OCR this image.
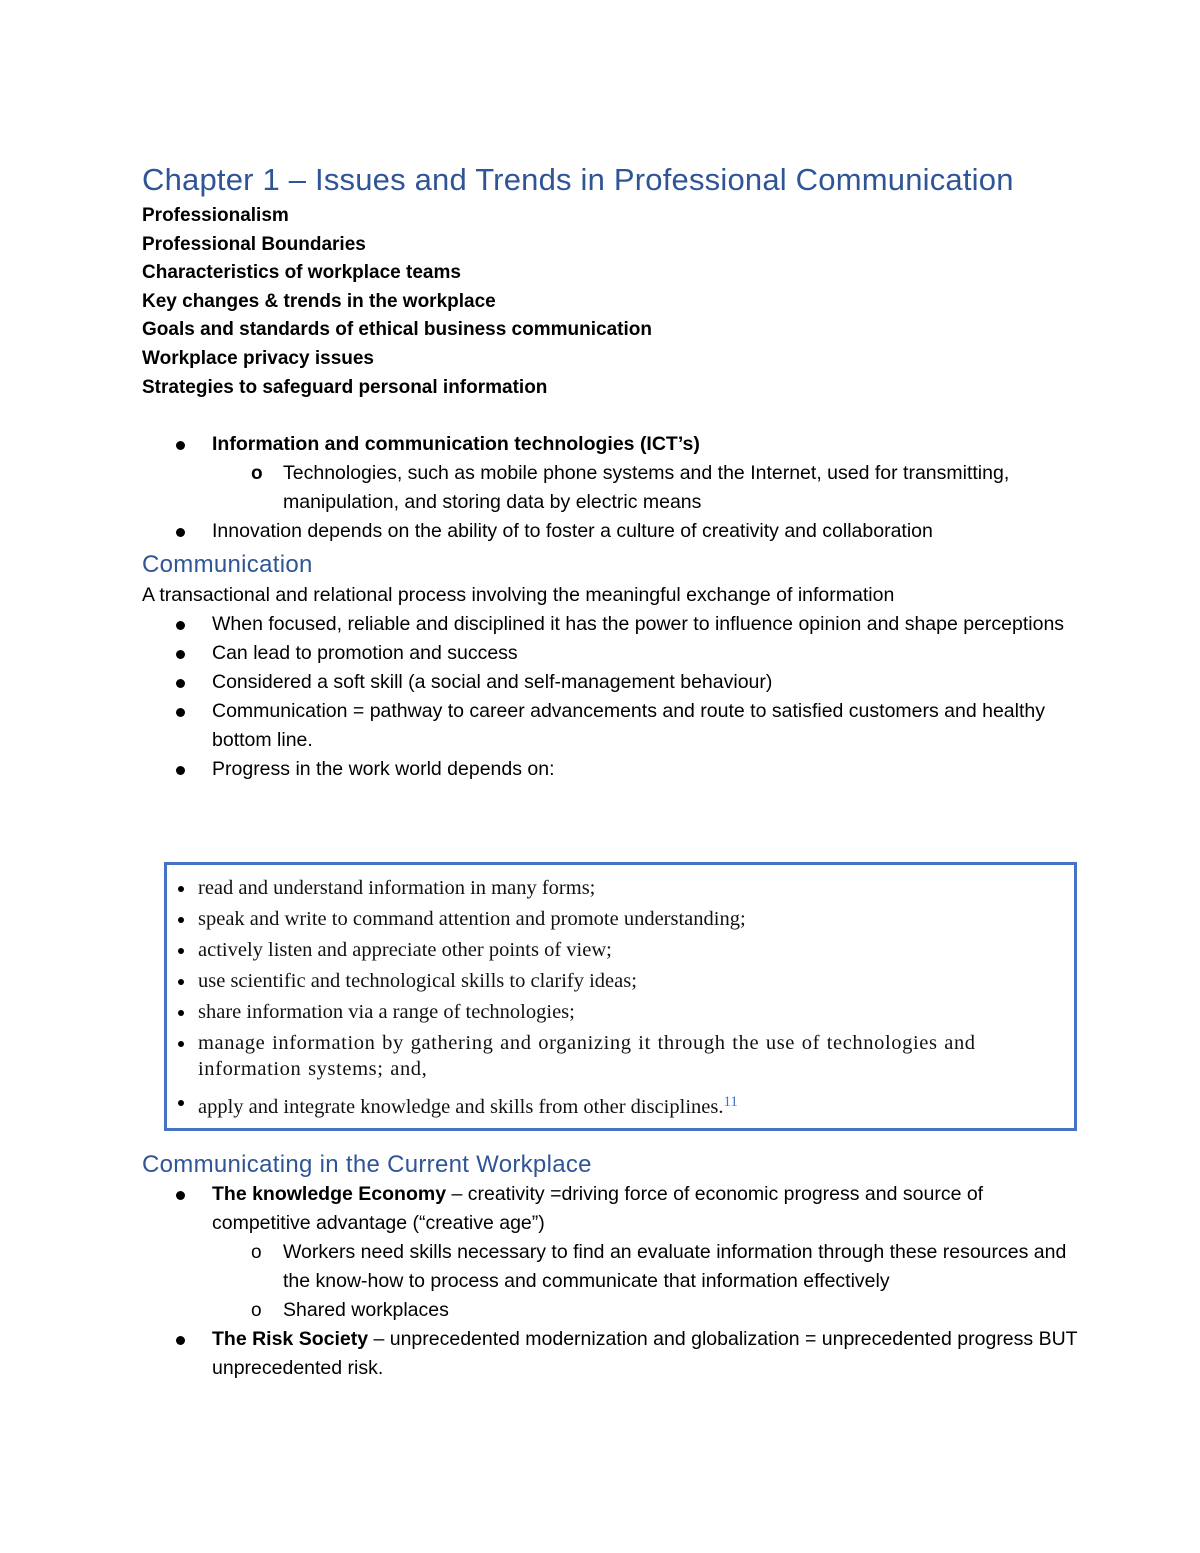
Chapter 1 – Issues and Trends in Professional Communication
Professionalism
Professional Boundaries
Characteristics of workplace teams
Key changes & trends in the workplace
Goals and standards of ethical business communication
Workplace privacy issues
Strategies to safeguard personal information
Information and communication technologies (ICT’s)
o Technologies, such as mobile phone systems and the Internet, used for transmitting, manipulation, and storing data by electric means
Innovation depends on the ability of to foster a culture of creativity and collaboration
Communication
A transactional and relational process involving the meaningful exchange of information
When focused, reliable and disciplined it has the power to influence opinion and shape perceptions
Can lead to promotion and success
Considered a soft skill (a social and self-management behaviour)
Communication = pathway to career advancements and route to satisfied customers and healthy bottom line.
Progress in the work world depends on:
read and understand information in many forms;
speak and write to command attention and promote understanding;
actively listen and appreciate other points of view;
use scientific and technological skills to clarify ideas;
share information via a range of technologies;
manage information by gathering and organizing it through the use of technologies and information systems; and,
apply and integrate knowledge and skills from other disciplines.$^{11}$
Communicating in the Current Workplace
The knowledge Economy – creativity =driving force of economic progress and source of competitive advantage (“creative age”)
o Workers need skills necessary to find an evaluate information through these resources and the know-how to process and communicate that information effectively
o Shared workplaces
The Risk Society – unprecedented modernization and globalization = unprecedented progress BUT unprecedented risk.
